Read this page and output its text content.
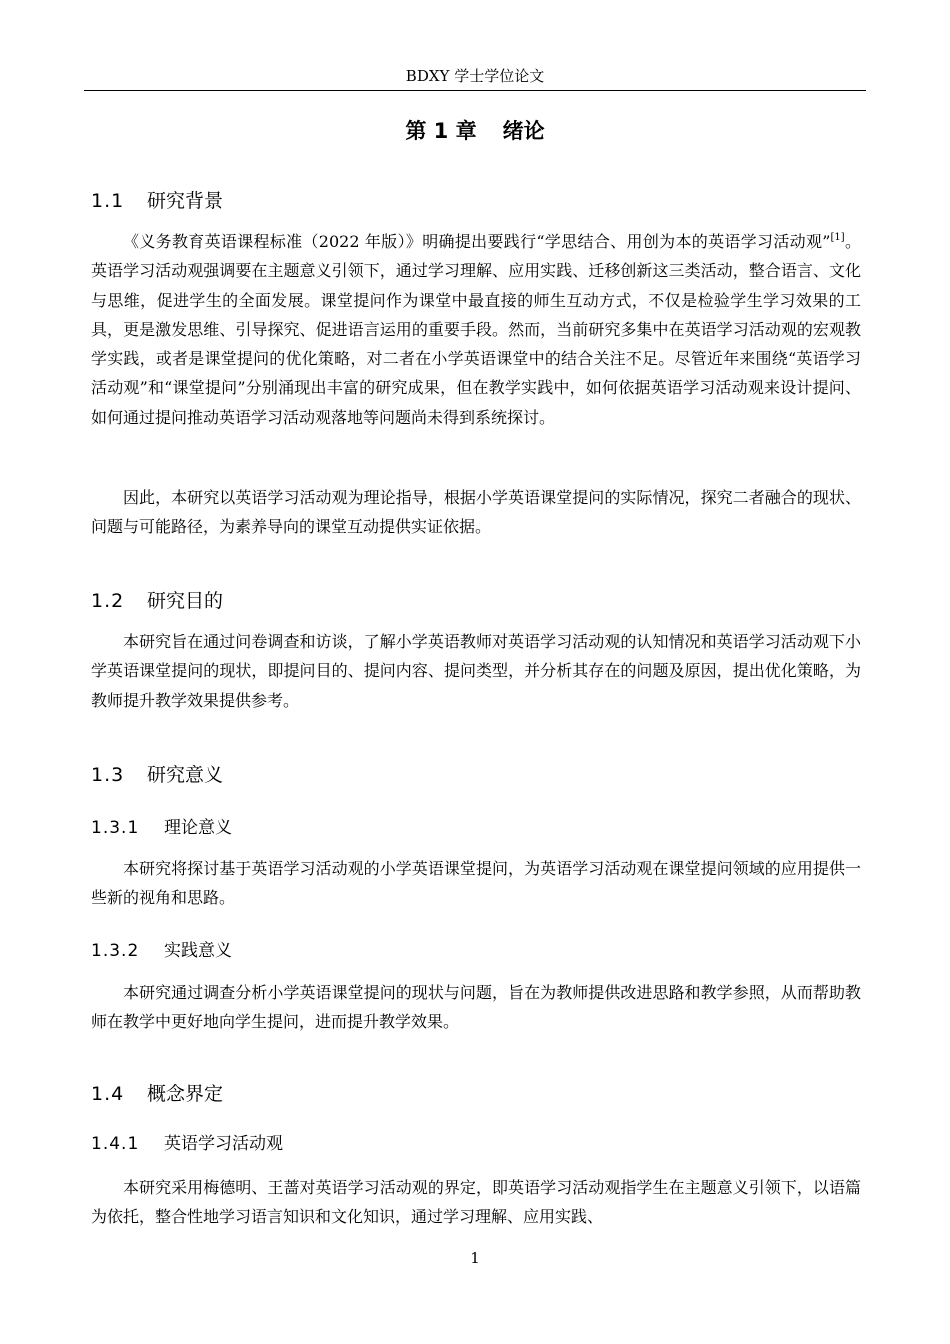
BDXY 学士学位论文
第 1 章 绪论
1.1 研究背景

《义务教育英语课程标准（2022 年版）》明确提出要践行“学思结合、用创为本的英语学习活动观”[1]。英语学习活动观强调要在主题意义引领下，通过学习理解、应用实践、迁移创新这三类活动，整合语言、文化与思维，促进学生的全面发展。课堂提问作为课堂中最直接的师生互动方式，不仅是检验学生学习效果的工具，更是激发思维、引导探究、促进语言运用的重要手段。然而，当前研究多集中在英语学习活动观的宏观教学实践，或者是课堂提问的优化策略，对二者在小学英语课堂中的结合关注不足。尽管近年来围绕“英语学习活动观”和“课堂提问”分别涌现出丰富的研究成果，但在教学实践中，如何依据英语学习活动观来设计提问、如何通过提问推动英语学习活动观落地等问题尚未得到系统探讨。

因此，本研究以英语学习活动观为理论指导，根据小学英语课堂提问的实际情况，探究二者融合的现状、问题与可能路径，为素养导向的课堂互动提供实证依据。

1.2 研究目的

本研究旨在通过问卷调查和访谈，了解小学英语教师对英语学习活动观的认知情况和英语学习活动观下小学英语课堂提问的现状，即提问目的、提问内容、提问类型，并分析其存在的问题及原因，提出优化策略，为教师提升教学效果提供参考。

1.3 研究意义
1.3.1 理论意义

本研究将探讨基于英语学习活动观的小学英语课堂提问，为英语学习活动观在课堂提问领域的应用提供一些新的视角和思路。

1.3.2 实践意义

本研究通过调查分析小学英语课堂提问的现状与问题，旨在为教师提供改进思路和教学参照，从而帮助教师在教学中更好地向学生提问，进而提升教学效果。

1.4 概念界定
1.4.1 英语学习活动观

本研究采用梅德明、王蔷对英语学习活动观的界定，即英语学习活动观指学生在主题意义引领下，以语篇为依托，整合性地学习语言知识和文化知识，通过学习理解、应用实践、

1
